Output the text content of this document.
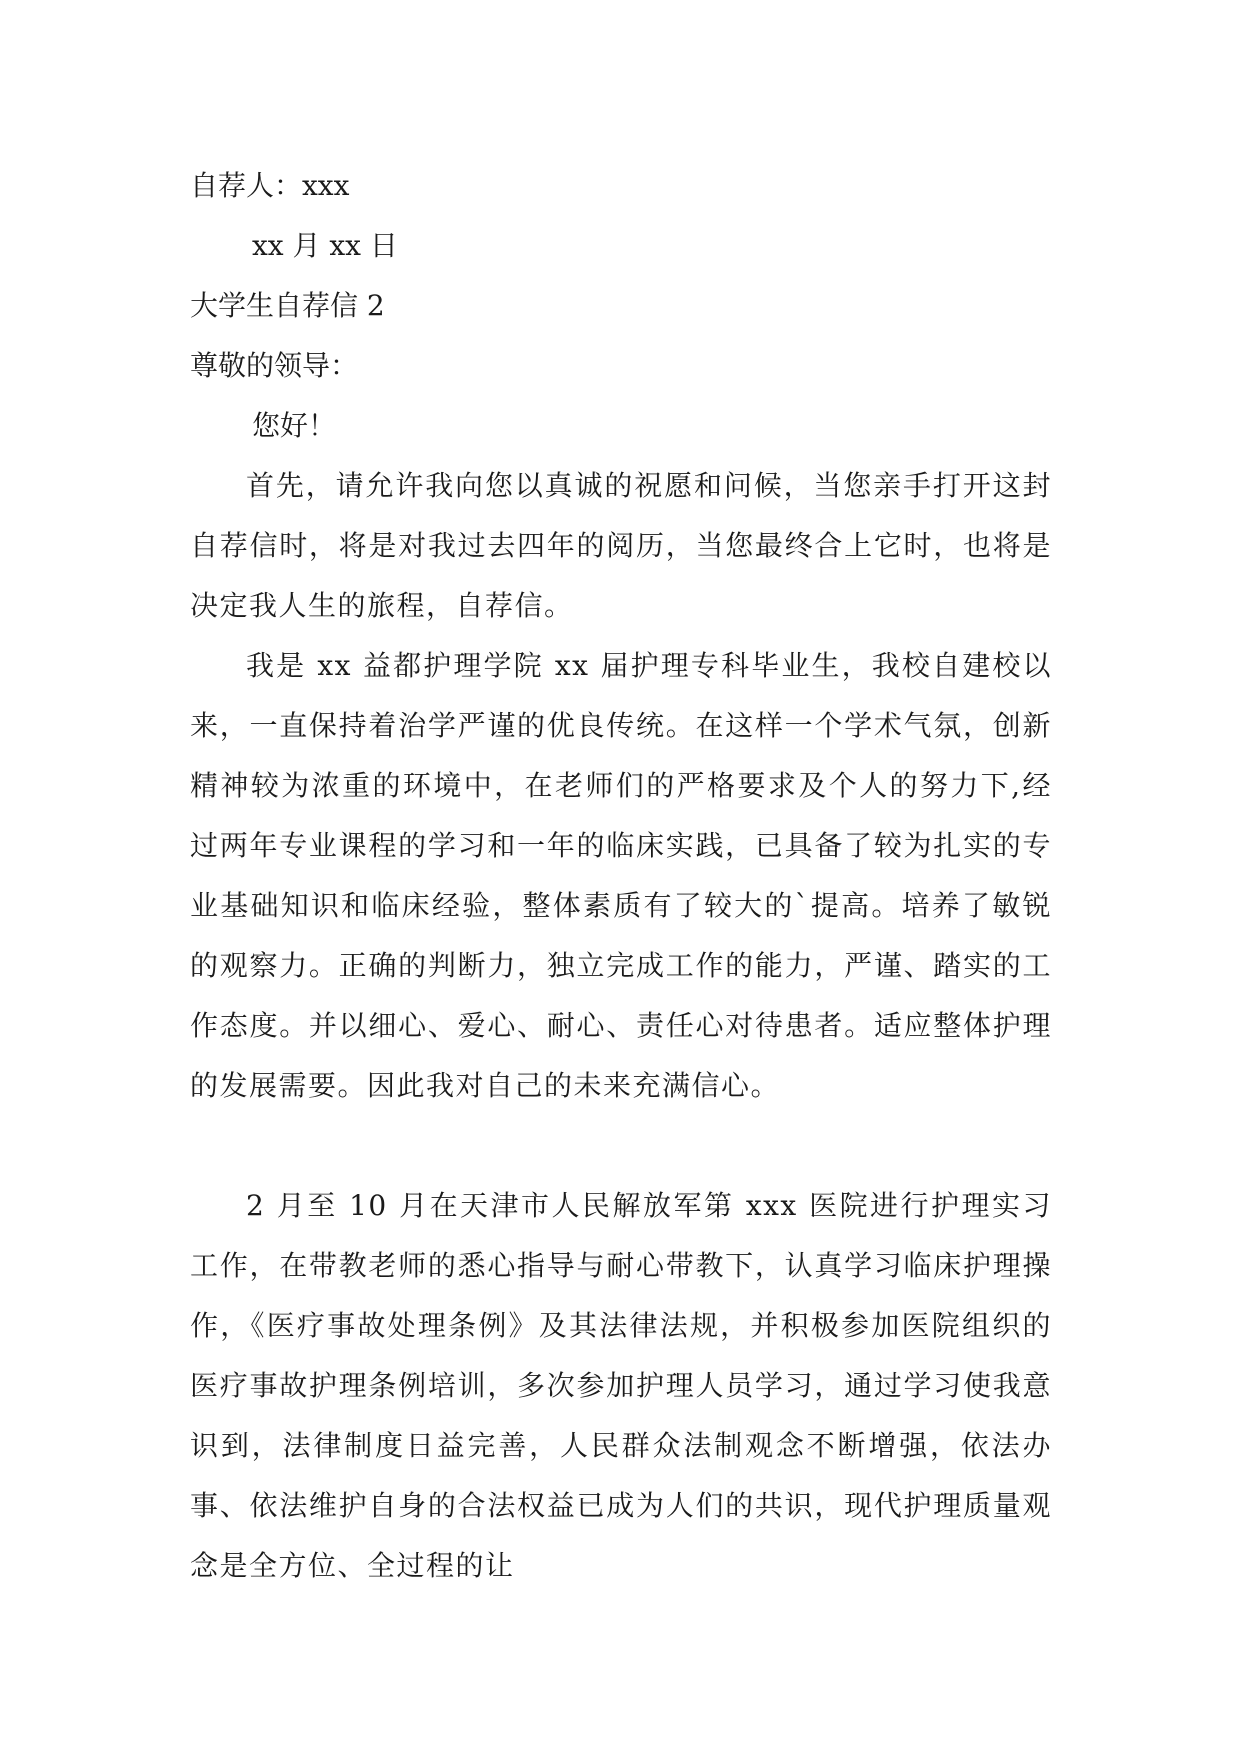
自荐人：xxx

xx 月 xx 日

大学生自荐信 2

尊敬的领导：

您好！

首先，请允许我向您以真诚的祝愿和问候，当您亲手打开这封自荐信时，将是对我过去四年的阅历，当您最终合上它时，也将是决定我人生的旅程，自荐信。

我是 xx 益都护理学院 xx 届护理专科毕业生，我校自建校以来，一直保持着治学严谨的优良传统。在这样一个学术气氛，创新精神较为浓重的环境中，在老师们的严格要求及个人的努力下,经过两年专业课程的学习和一年的临床实践，已具备了较为扎实的专业基础知识和临床经验，整体素质有了较大的`提高。培养了敏锐的观察力。正确的判断力，独立完成工作的能力，严谨、踏实的工作态度。并以细心、爱心、耐心、责任心对待患者。适应整体护理的发展需要。因此我对自己的未来充满信心。

2 月至 10 月在天津市人民解放军第 xxx 医院进行护理实习工作，在带教老师的悉心指导与耐心带教下，认真学习临床护理操作，《医疗事故处理条例》及其法律法规，并积极参加医院组织的医疗事故护理条例培训，多次参加护理人员学习，通过学习使我意识到，法律制度日益完善，人民群众法制观念不断增强，依法办事、依法维护自身的合法权益已成为人们的共识，现代护理质量观念是全方位、全过程的让
